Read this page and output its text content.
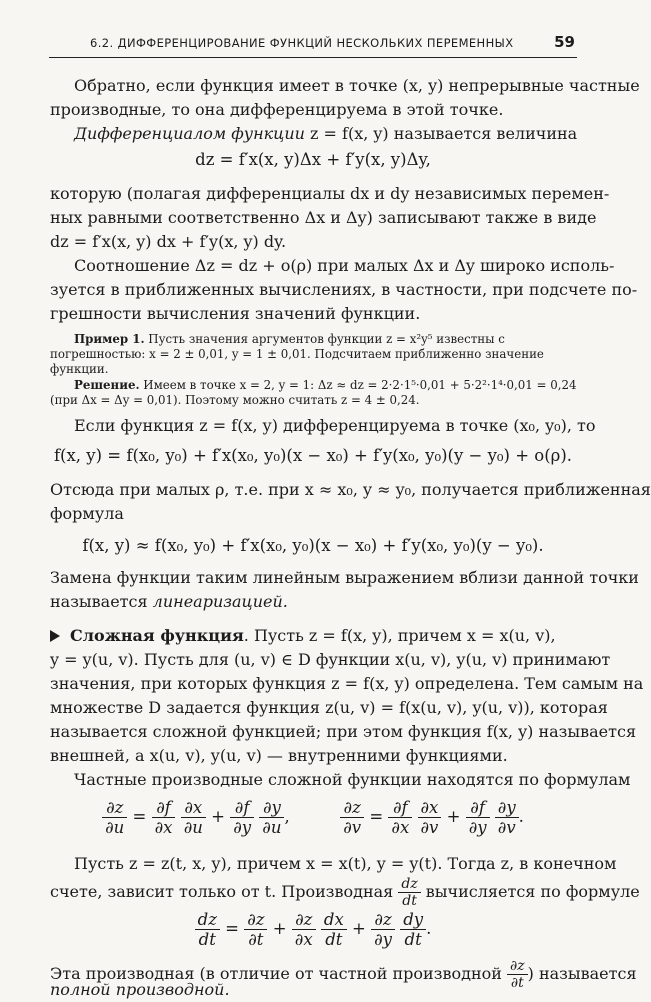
6.2. ДИФФЕРЕНЦИРОВАНИЕ ФУНКЦИЙ НЕСКОЛЬКИХ ПЕРЕМЕННЫХ	59
Обратно, если функция имеет в точке (x, y) непрерывные частные
производные, то она дифференцируема в этой точке.
Дифференциалом функции z = f(x, y) называется величина
dz = f′x(x, y)Δx + f′y(x, y)Δy,
которую (полагая дифференциалы dx и dy независимых перемен-
ных равными соответственно Δx и Δy) записывают также в виде
dz = f′x(x, y) dx + f′y(x, y) dy.
Соотношение Δz = dz + o(ρ) при малых Δx и Δy широко исполь-
зуется в приближенных вычислениях, в частности, при подсчете по-
грешности вычисления значений функции.
Пример 1. Пусть значения аргументов функции z = x²y⁵ известны с
погрешностью: x = 2 ± 0,01, y = 1 ± 0,01. Подсчитаем приближенно значение
функции.
Решение. Имеем в точке x = 2, y = 1: Δz ≈ dz = 2·2·1⁵·0,01 + 5·2²·1⁴·0,01 = 0,24
(при Δx = Δy = 0,01). Поэтому можно считать z = 4 ± 0,24.
Если функция z = f(x, y) дифференцируема в точке (x₀, y₀), то
f(x, y) = f(x₀, y₀) + f′x(x₀, y₀)(x − x₀) + f′y(x₀, y₀)(y − y₀) + o(ρ).
Отсюда при малых ρ, т.е. при x ≈ x₀, y ≈ y₀, получается приближенная
формула
f(x, y) ≈ f(x₀, y₀) + f′x(x₀, y₀)(x − x₀) + f′y(x₀, y₀)(y − y₀).
Замена функции таким линейным выражением вблизи данной точки
называется линеаризацией.
Сложная функция. Пусть z = f(x, y), причем x = x(u, v),
y = y(u, v). Пусть для (u, v) ∈ D функции x(u, v), y(u, v) принимают
значения, при которых функция z = f(x, y) определена. Тем самым на
множестве D задается функция z(u, v) = f(x(u, v), y(u, v)), которая
называется сложной функцией; при этом функция f(x, y) называется
внешней, а x(u, v), y(u, v) — внутренними функциями.
Частные производные сложной функции находятся по формулам
$\frac{\partial z}{\partial u} = \frac{\partial f}{\partial x}$
$\frac{\partial x}{\partial u} + \frac{\partial f}{\partial y}$
$\frac{\partial y}{\partial u}$ ,	$\frac{\partial z}{\partial v} = \frac{\partial f}{\partial x}$
$\frac{\partial x}{\partial v} + \frac{\partial f}{\partial y}$
$\frac{\partial y}{\partial v}$ .
Пусть z = z(t, x, y), причем x = x(t), y = y(t). Тогда z, в конечном
счете, зависит только от t. Производная $\frac{dz}{dt}$ вычисляется по формуле
$\frac{dz}{dt} = \frac{\partial z}{\partial t} + \frac{\partial z}{\partial x}$
$\frac{dx}{dt} + \frac{\partial z}{\partial y}$
$\frac{dy}{dt}$ .
Эта производная (в отличие от частной производной $\frac{\partial z}{\partial t}$ ) называется
полной производной.
